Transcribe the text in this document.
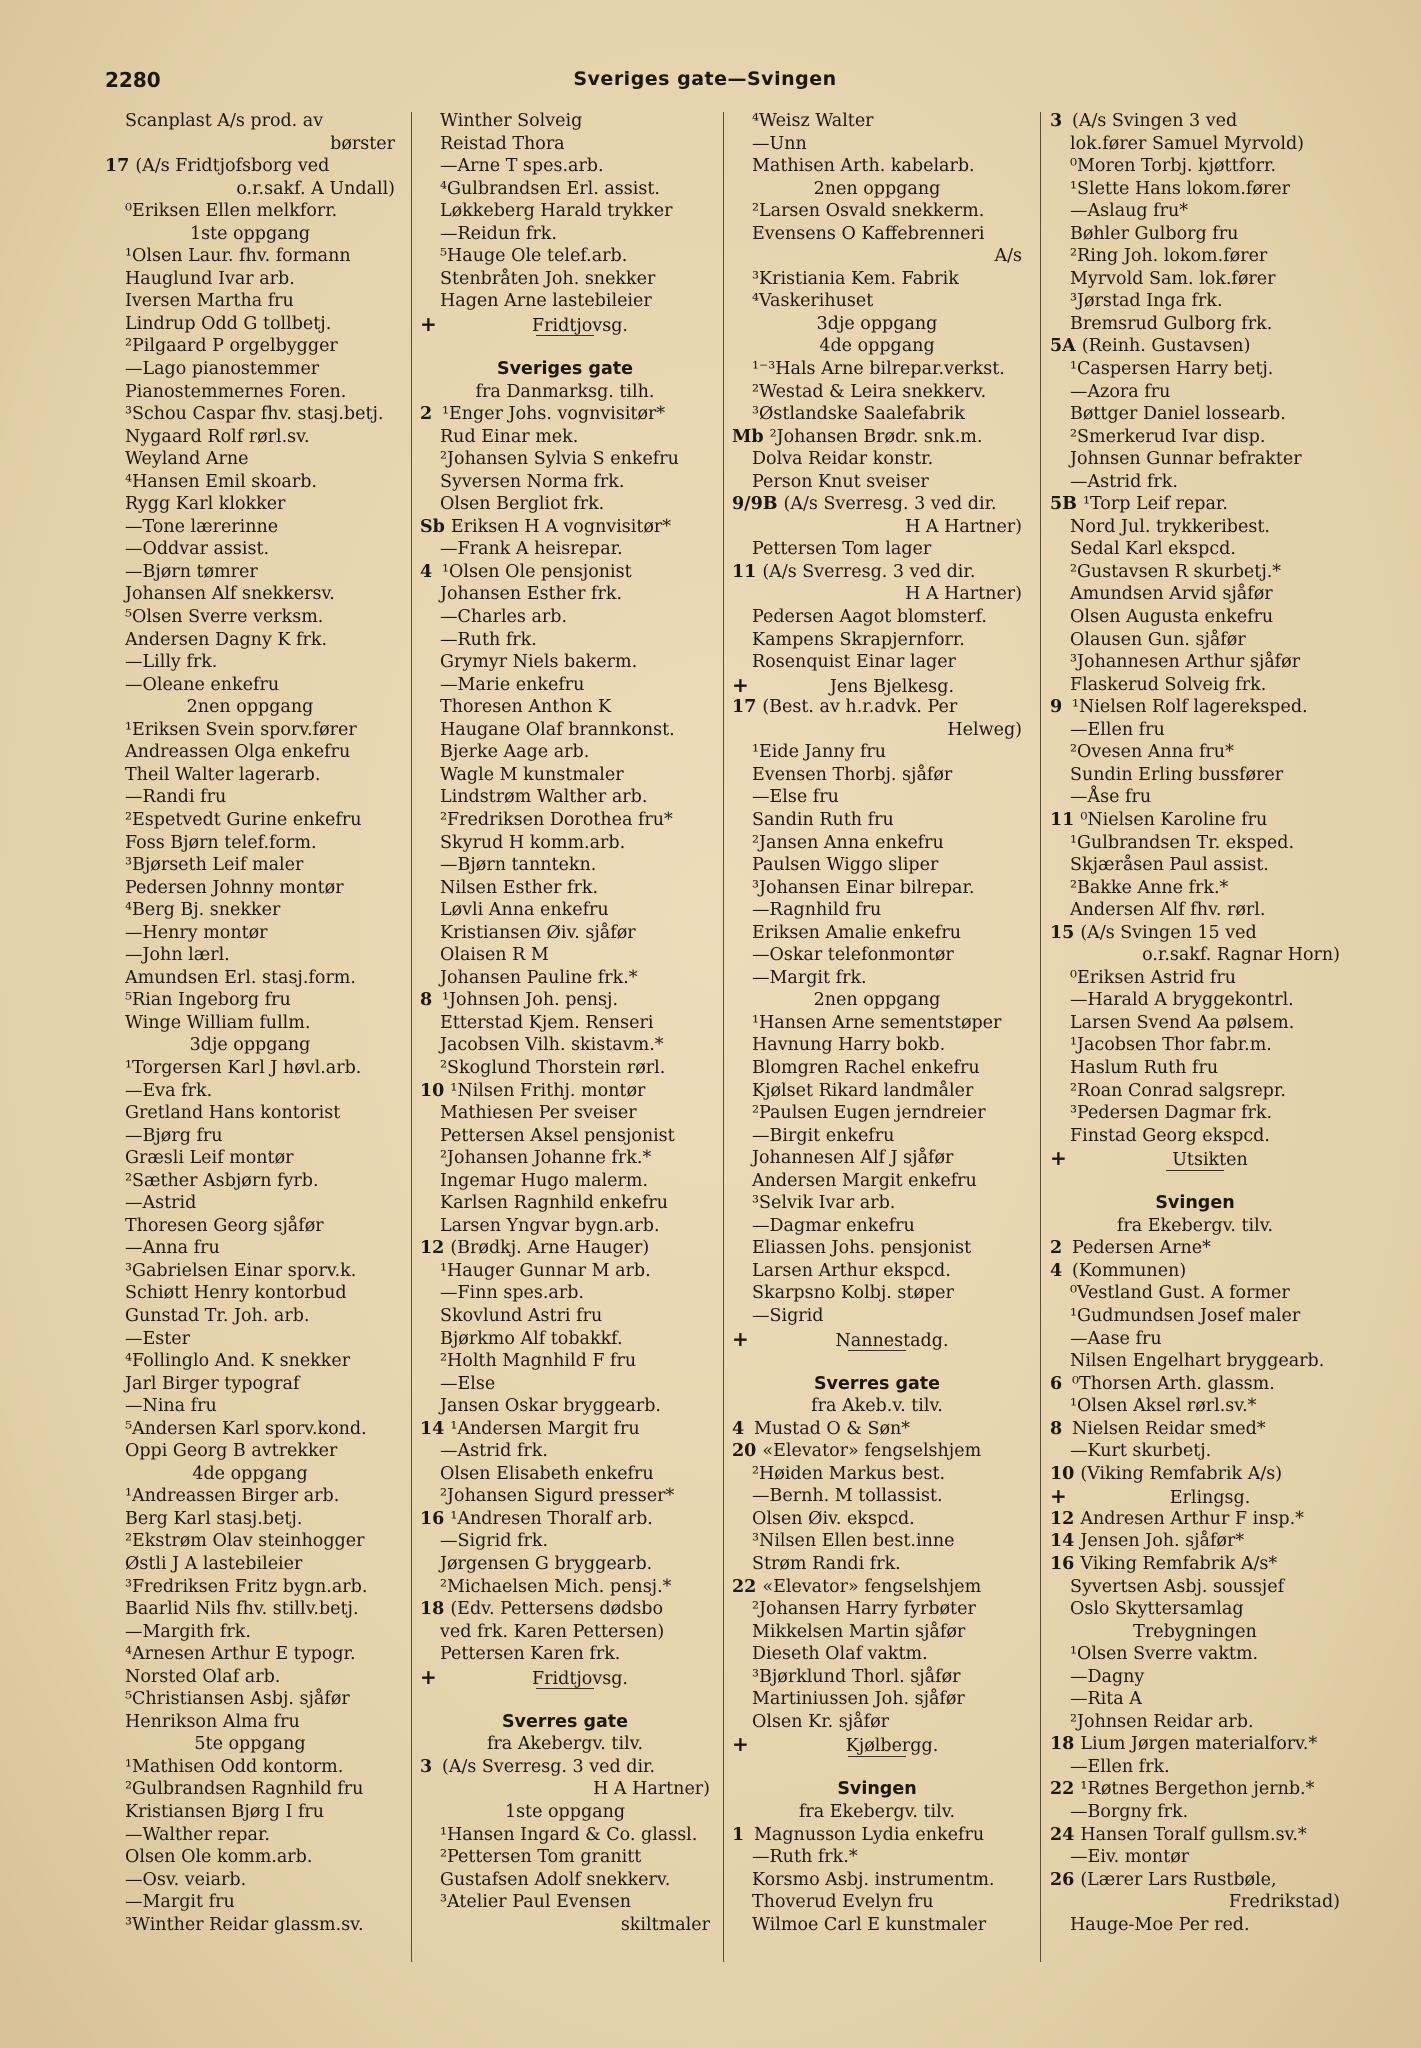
2280	Sveriges gate—Svingen
Scanplast A/s prod. av
børster
17 (A/s Fridtjofsborg ved
o.r.sakf. A Undall)
⁰Eriksen Ellen melkforr.
1ste oppgang
¹Olsen Laur. fhv. formann
Hauglund Ivar arb.
Iversen Martha fru
Lindrup Odd G tollbetj.
²Pilgaard P orgelbygger
—Lago pianostemmer
Pianostemmernes Foren.
³Schou Caspar fhv. stasj.betj.
Nygaard Rolf rørl.sv.
Weyland Arne
⁴Hansen Emil skoarb.
Rygg Karl klokker
—Tone lærerinne
—Oddvar assist.
—Bjørn tømrer
Johansen Alf snekkersv.
⁵Olsen Sverre verksm.
Andersen Dagny K frk.
—Lilly frk.
—Oleane enkefru
2nen oppgang
¹Eriksen Svein sporv.fører
Andreassen Olga enkefru
Theil Walter lagerarb.
—Randi fru
²Espetvedt Gurine enkefru
Foss Bjørn telef.form.
³Bjørseth Leif maler
Pedersen Johnny montør
⁴Berg Bj. snekker
—Henry montør
—John lærl.
Amundsen Erl. stasj.form.
⁵Rian Ingeborg fru
Winge William fullm.
3dje oppgang
¹Torgersen Karl J høvl.arb.
—Eva frk.
Gretland Hans kontorist
—Bjørg fru
Græsli Leif montør
²Sæther Asbjørn fyrb.
—Astrid
Thoresen Georg sjåfør
—Anna fru
³Gabrielsen Einar sporv.k.
Schiøtt Henry kontorbud
Gunstad Tr. Joh. arb.
—Ester
⁴Follinglo And. K snekker
Jarl Birger typograf
—Nina fru
⁵Andersen Karl sporv.kond.
Oppi Georg B avtrekker
4de oppgang
¹Andreassen Birger arb.
Berg Karl stasj.betj.
²Ekstrøm Olav steinhogger
Østli J A lastebileier
³Fredriksen Fritz bygn.arb.
Baarlid Nils fhv. stillv.betj.
—Margith frk.
⁴Arnesen Arthur E typogr.
Norsted Olaf arb.
⁵Christiansen Asbj. sjåfør
Henrikson Alma fru
5te oppgang
¹Mathisen Odd kontorm.
²Gulbrandsen Ragnhild fru
Kristiansen Bjørg I fru
—Walther repar.
Olsen Ole komm.arb.
—Osv. veiarb.
—Margit fru
³Winther Reidar glassm.sv.
Winther Solveig
Reistad Thora
—Arne T spes.arb.
⁴Gulbrandsen Erl. assist.
Løkkeberg Harald trykker
—Reidun frk.
⁵Hauge Ole telef.arb.
Stenbråten Joh. snekker
Hagen Arne lastebileier
+	Fridtjovsg.
Sveriges gate
fra Danmarksg. tilh.
2 ¹Enger Johs. vognvisitør*
Rud Einar mek.
²Johansen Sylvia S enkefru
Syversen Norma frk.
Olsen Bergliot frk.
Sb Eriksen H A vognvisitør*
—Frank A heisrepar.
4 ¹Olsen Ole pensjonist
Johansen Esther frk.
—Charles arb.
—Ruth frk.
Grymyr Niels bakerm.
—Marie enkefru
Thoresen Anthon K
Haugane Olaf brannkonst.
Bjerke Aage arb.
Wagle M kunstmaler
Lindstrøm Walther arb.
²Fredriksen Dorothea fru*
Skyrud H komm.arb.
—Bjørn tanntekn.
Nilsen Esther frk.
Løvli Anna enkefru
Kristiansen Øiv. sjåfør
Olaisen R M
Johansen Pauline frk.*
8 ¹Johnsen Joh. pensj.
Etterstad Kjem. Renseri
Jacobsen Vilh. skistavm.*
²Skoglund Thorstein rørl.
10 ¹Nilsen Frithj. montør
Mathiesen Per sveiser
Pettersen Aksel pensjonist
²Johansen Johanne frk.*
Ingemar Hugo malerm.
Karlsen Ragnhild enkefru
Larsen Yngvar bygn.arb.
12 (Brødkj. Arne Hauger)
¹Hauger Gunnar M arb.
—Finn spes.arb.
Skovlund Astri fru
Bjørkmo Alf tobakkf.
²Holth Magnhild F fru
—Else
Jansen Oskar bryggearb.
14 ¹Andersen Margit fru
—Astrid frk.
Olsen Elisabeth enkefru
²Johansen Sigurd presser*
16 ¹Andresen Thoralf arb.
—Sigrid frk.
Jørgensen G bryggearb.
²Michaelsen Mich. pensj.*
18 (Edv. Pettersens dødsbo
ved frk. Karen Pettersen)
Pettersen Karen frk.
+	Fridtjovsg.
Sverres gate
fra Akebergv. tilv.
3 (A/s Sverresg. 3 ved dir.
H A Hartner)
1ste oppgang
¹Hansen Ingard & Co. glassl.
²Pettersen Tom granitt
Gustafsen Adolf snekkerv.
³Atelier Paul Evensen
skiltmaler
⁴Weisz Walter
—Unn
Mathisen Arth. kabelarb.
2nen oppgang
²Larsen Osvald snekkerm.
Evensens O Kaffebrenneri
A/s
³Kristiania Kem. Fabrik
⁴Vaskerihuset
3dje oppgang
4de oppgang
¹⁻³Hals Arne bilrepar.verkst.
²Westad & Leira snekkerv.
³Østlandske Saalefabrik
Mb ²Johansen Brødr. snk.m.
Dolva Reidar konstr.
Person Knut sveiser
9/9B (A/s Sverresg. 3 ved dir.
H A Hartner)
Pettersen Tom lager
11 (A/s Sverresg. 3 ved dir.
H A Hartner)
Pedersen Aagot blomsterf.
Kampens Skrapjernforr.
Rosenquist Einar lager
+	Jens Bjelkesg.
17 (Best. av h.r.advk. Per
Helweg)
¹Eide Janny fru
Evensen Thorbj. sjåfør
—Else fru
Sandin Ruth fru
²Jansen Anna enkefru
Paulsen Wiggo sliper
³Johansen Einar bilrepar.
—Ragnhild fru
Eriksen Amalie enkefru
—Oskar telefonmontør
—Margit frk.
2nen oppgang
¹Hansen Arne sementstøper
Havnung Harry bokb.
Blomgren Rachel enkefru
Kjølset Rikard landmåler
²Paulsen Eugen jerndreier
—Birgit enkefru
Johannesen Alf J sjåfør
Andersen Margit enkefru
³Selvik Ivar arb.
—Dagmar enkefru
Eliassen Johs. pensjonist
Larsen Arthur ekspcd.
Skarpsno Kolbj. støper
—Sigrid
+	Nannestadg.
Sverres gate
fra Akeb.v. tilv.
4 Mustad O & Søn*
20 «Elevator» fengselshjem
²Høiden Markus best.
—Bernh. M tollassist.
Olsen Øiv. ekspcd.
³Nilsen Ellen best.inne
Strøm Randi frk.
22 «Elevator» fengselshjem
²Johansen Harry fyrbøter
Mikkelsen Martin sjåfør
Dieseth Olaf vaktm.
³Bjørklund Thorl. sjåfør
Martiniussen Joh. sjåfør
Olsen Kr. sjåfør
+	Kjølbergg.
Svingen
fra Ekebergv. tilv.
1 Magnusson Lydia enkefru
—Ruth frk.*
Korsmo Asbj. instrumentm.
Thoverud Evelyn fru
Wilmoe Carl E kunstmaler
3 (A/s Svingen 3 ved
lok.fører Samuel Myrvold)
⁰Moren Torbj. kjøttforr.
¹Slette Hans lokom.fører
—Aslaug fru*
Bøhler Gulborg fru
²Ring Joh. lokom.fører
Myrvold Sam. lok.fører
³Jørstad Inga frk.
Bremsrud Gulborg frk.
5A (Reinh. Gustavsen)
¹Caspersen Harry betj.
—Azora fru
Bøttger Daniel lossearb.
²Smerkerud Ivar disp.
Johnsen Gunnar befrakter
—Astrid frk.
5B ¹Torp Leif repar.
Nord Jul. trykkeribest.
Sedal Karl ekspcd.
²Gustavsen R skurbetj.*
Amundsen Arvid sjåfør
Olsen Augusta enkefru
Olausen Gun. sjåfør
³Johannesen Arthur sjåfør
Flaskerud Solveig frk.
9 ¹Nielsen Rolf lagereksped.
—Ellen fru
²Ovesen Anna fru*
Sundin Erling bussfører
—Åse fru
11 ⁰Nielsen Karoline fru
¹Gulbrandsen Tr. eksped.
Skjæråsen Paul assist.
²Bakke Anne frk.*
Andersen Alf fhv. rørl.
15 (A/s Svingen 15 ved
o.r.sakf. Ragnar Horn)
⁰Eriksen Astrid fru
—Harald A bryggekontrl.
Larsen Svend Aa pølsem.
¹Jacobsen Thor fabr.m.
Haslum Ruth fru
²Roan Conrad salgsrepr.
³Pedersen Dagmar frk.
Finstad Georg ekspcd.
+	Utsikten
Svingen
fra Ekebergv. tilv.
2 Pedersen Arne*
4 (Kommunen)
⁰Vestland Gust. A former
¹Gudmundsen Josef maler
—Aase fru
Nilsen Engelhart bryggearb.
6 ⁰Thorsen Arth. glassm.
¹Olsen Aksel rørl.sv.*
8 Nielsen Reidar smed*
—Kurt skurbetj.
10 (Viking Remfabrik A/s)
+	Erlingsg.
12 Andresen Arthur F insp.*
14 Jensen Joh. sjåfør*
16 Viking Remfabrik A/s*
Syvertsen Asbj. soussjef
Oslo Skyttersamlag
Trebygningen
¹Olsen Sverre vaktm.
—Dagny
—Rita A
²Johnsen Reidar arb.
18 Lium Jørgen materialforv.*
—Ellen frk.
22 ¹Røtnes Bergethon jernb.*
—Borgny frk.
24 Hansen Toralf gullsm.sv.*
—Eiv. montør
26 (Lærer Lars Rustbøle,
Fredrikstad)
Hauge-Moe Per red.
